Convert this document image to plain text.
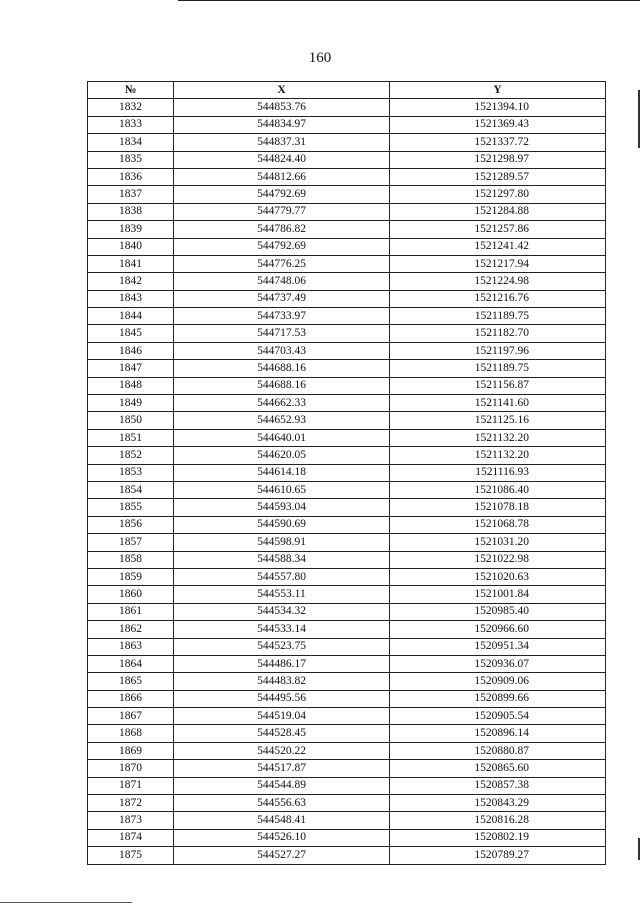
160
№	X	Y
1832	544853.76	1521394.10
1833	544834.97	1521369.43
1834	544837.31	1521337.72
1835	544824.40	1521298.97
1836	544812.66	1521289.57
1837	544792.69	1521297.80
1838	544779.77	1521284.88
1839	544786.82	1521257.86
1840	544792.69	1521241.42
1841	544776.25	1521217.94
1842	544748.06	1521224.98
1843	544737.49	1521216.76
1844	544733.97	1521189.75
1845	544717.53	1521182.70
1846	544703.43	1521197.96
1847	544688.16	1521189.75
1848	544688.16	1521156.87
1849	544662.33	1521141.60
1850	544652.93	1521125.16
1851	544640.01	1521132.20
1852	544620.05	1521132.20
1853	544614.18	1521116.93
1854	544610.65	1521086.40
1855	544593.04	1521078.18
1856	544590.69	1521068.78
1857	544598.91	1521031.20
1858	544588.34	1521022.98
1859	544557.80	1521020.63
1860	544553.11	1521001.84
1861	544534.32	1520985.40
1862	544533.14	1520966.60
1863	544523.75	1520951.34
1864	544486.17	1520936.07
1865	544483.82	1520909.06
1866	544495.56	1520899.66
1867	544519.04	1520905.54
1868	544528.45	1520896.14
1869	544520.22	1520880.87
1870	544517.87	1520865.60
1871	544544.89	1520857.38
1872	544556.63	1520843.29
1873	544548.41	1520816.28
1874	544526.10	1520802.19
1875	544527.27	1520789.27
